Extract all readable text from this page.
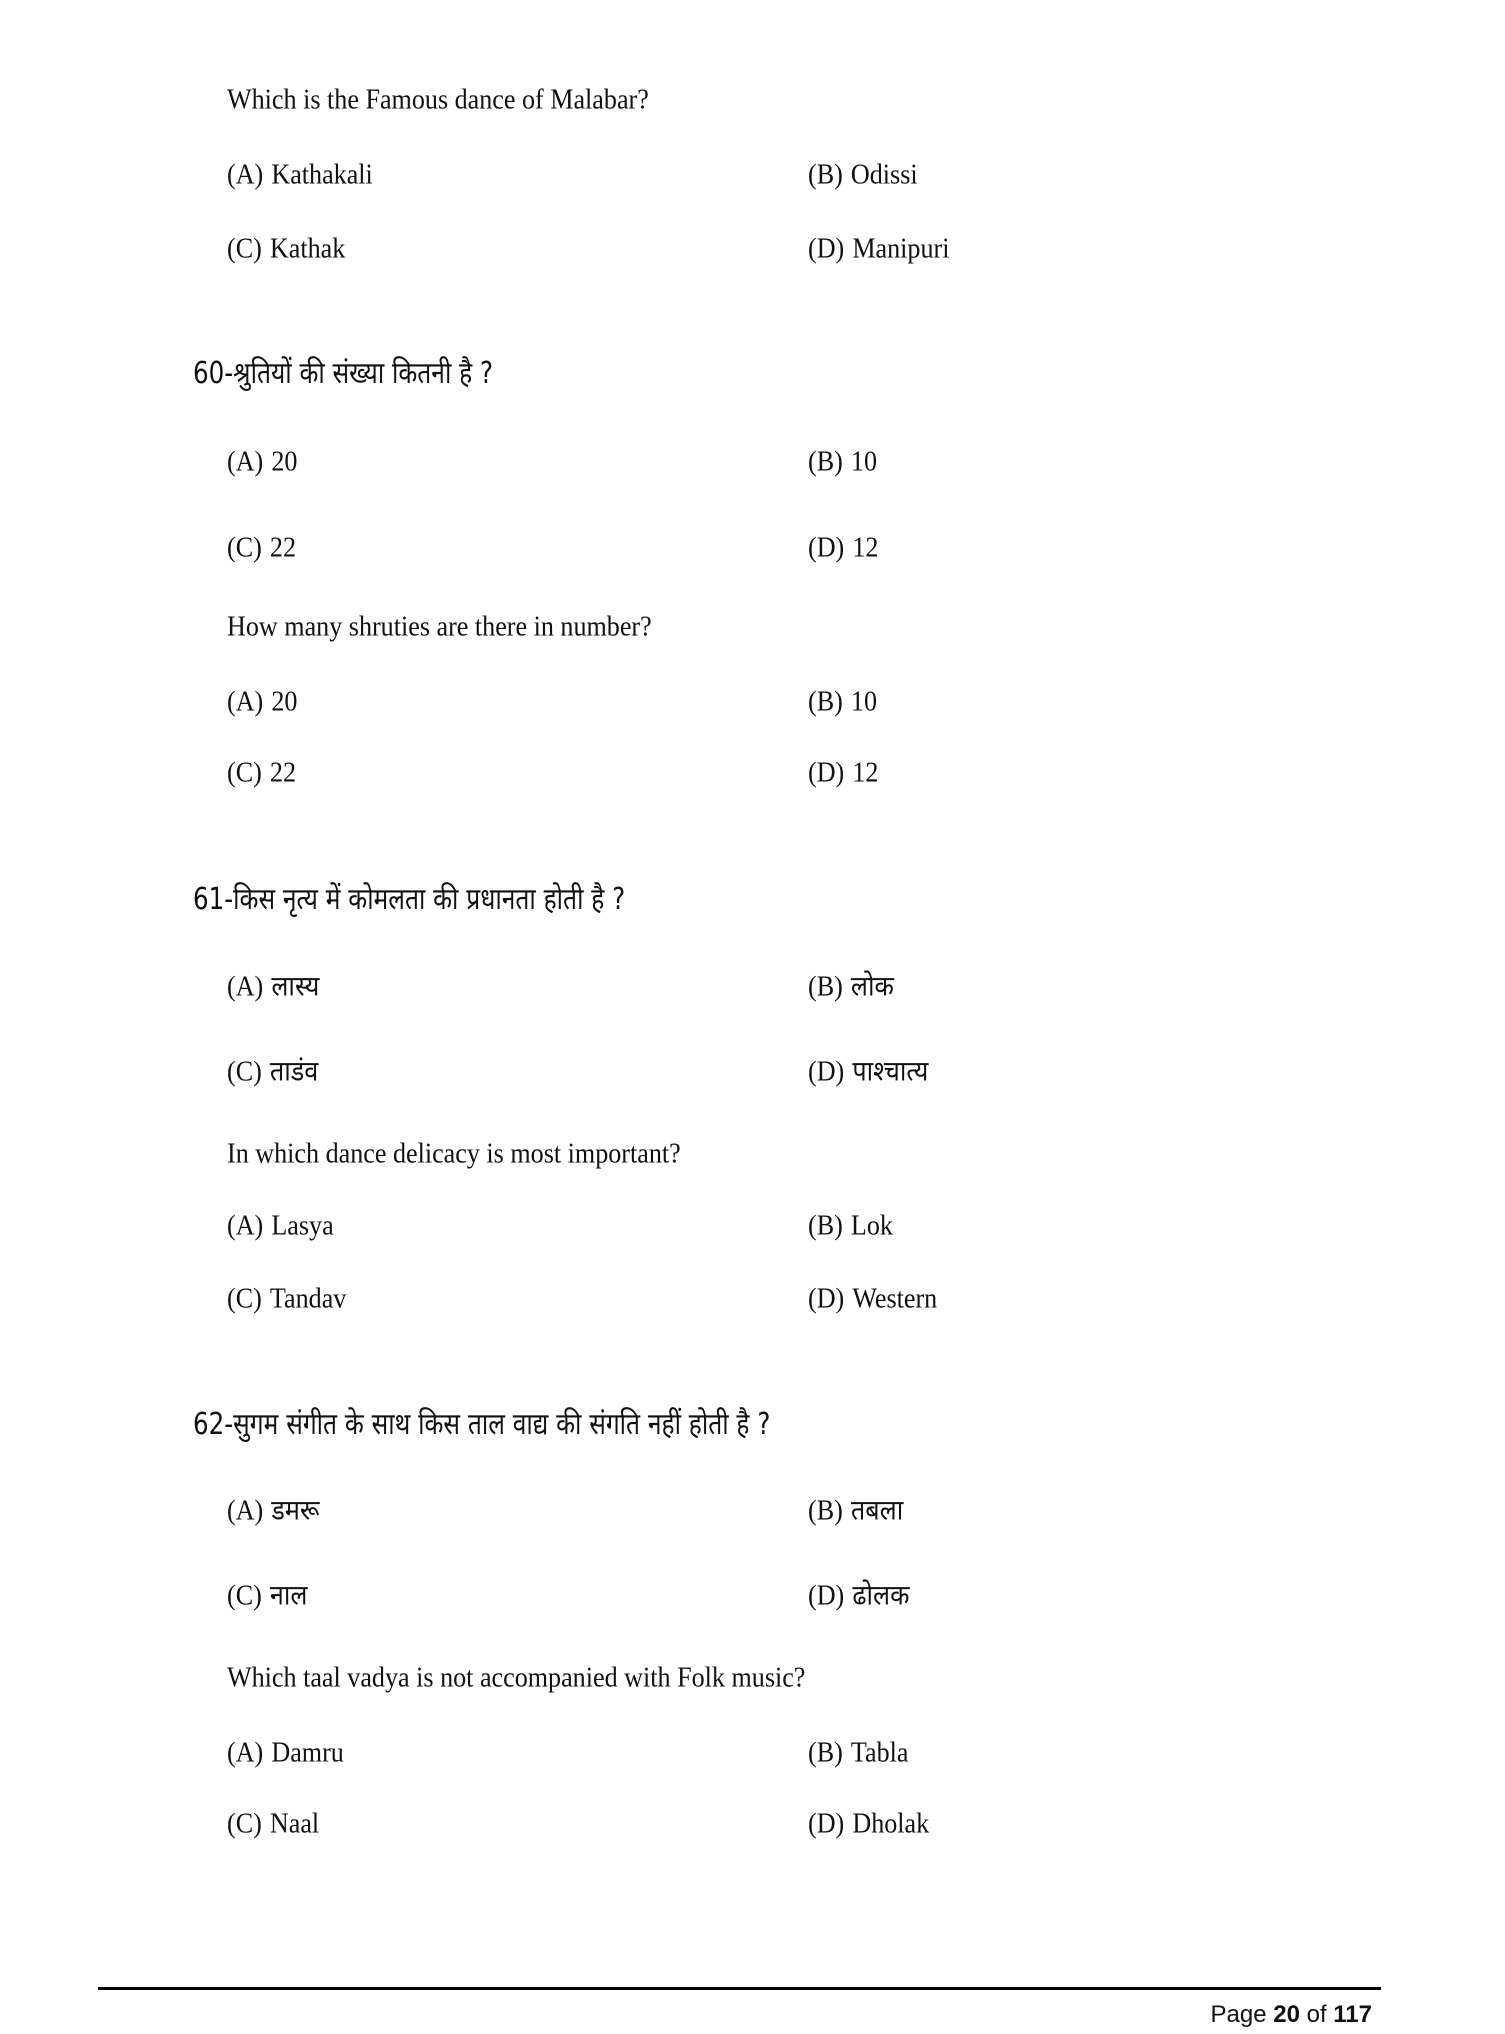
Which is the Famous dance of Malabar?
(A) Kathakali	(B) Odissi
(C) Kathak	(D) Manipuri
60-श्रुतियों की संख्या कितनी है ?
(A) 20	(B) 10
(C) 22	(D) 12
How many shruties are there in number?
(A) 20	(B) 10
(C) 22	(D) 12
61-किस नृत्य में कोमलता की प्रधानता होती है ?
(A) लास्य	(B) लोक
(C) ताडंव	(D) पाश्चात्य
In which dance delicacy is most important?
(A) Lasya	(B) Lok
(C) Tandav	(D) Western
62-सुगम संगीत के साथ किस ताल वाद्य की संगति नहीं होती है ?
(A) डमरू	(B) तबला
(C) नाल	(D) ढोलक
Which taal vadya is not accompanied with Folk music?
(A) Damru	(B) Tabla
(C) Naal	(D) Dholak
Page 20 of 117
